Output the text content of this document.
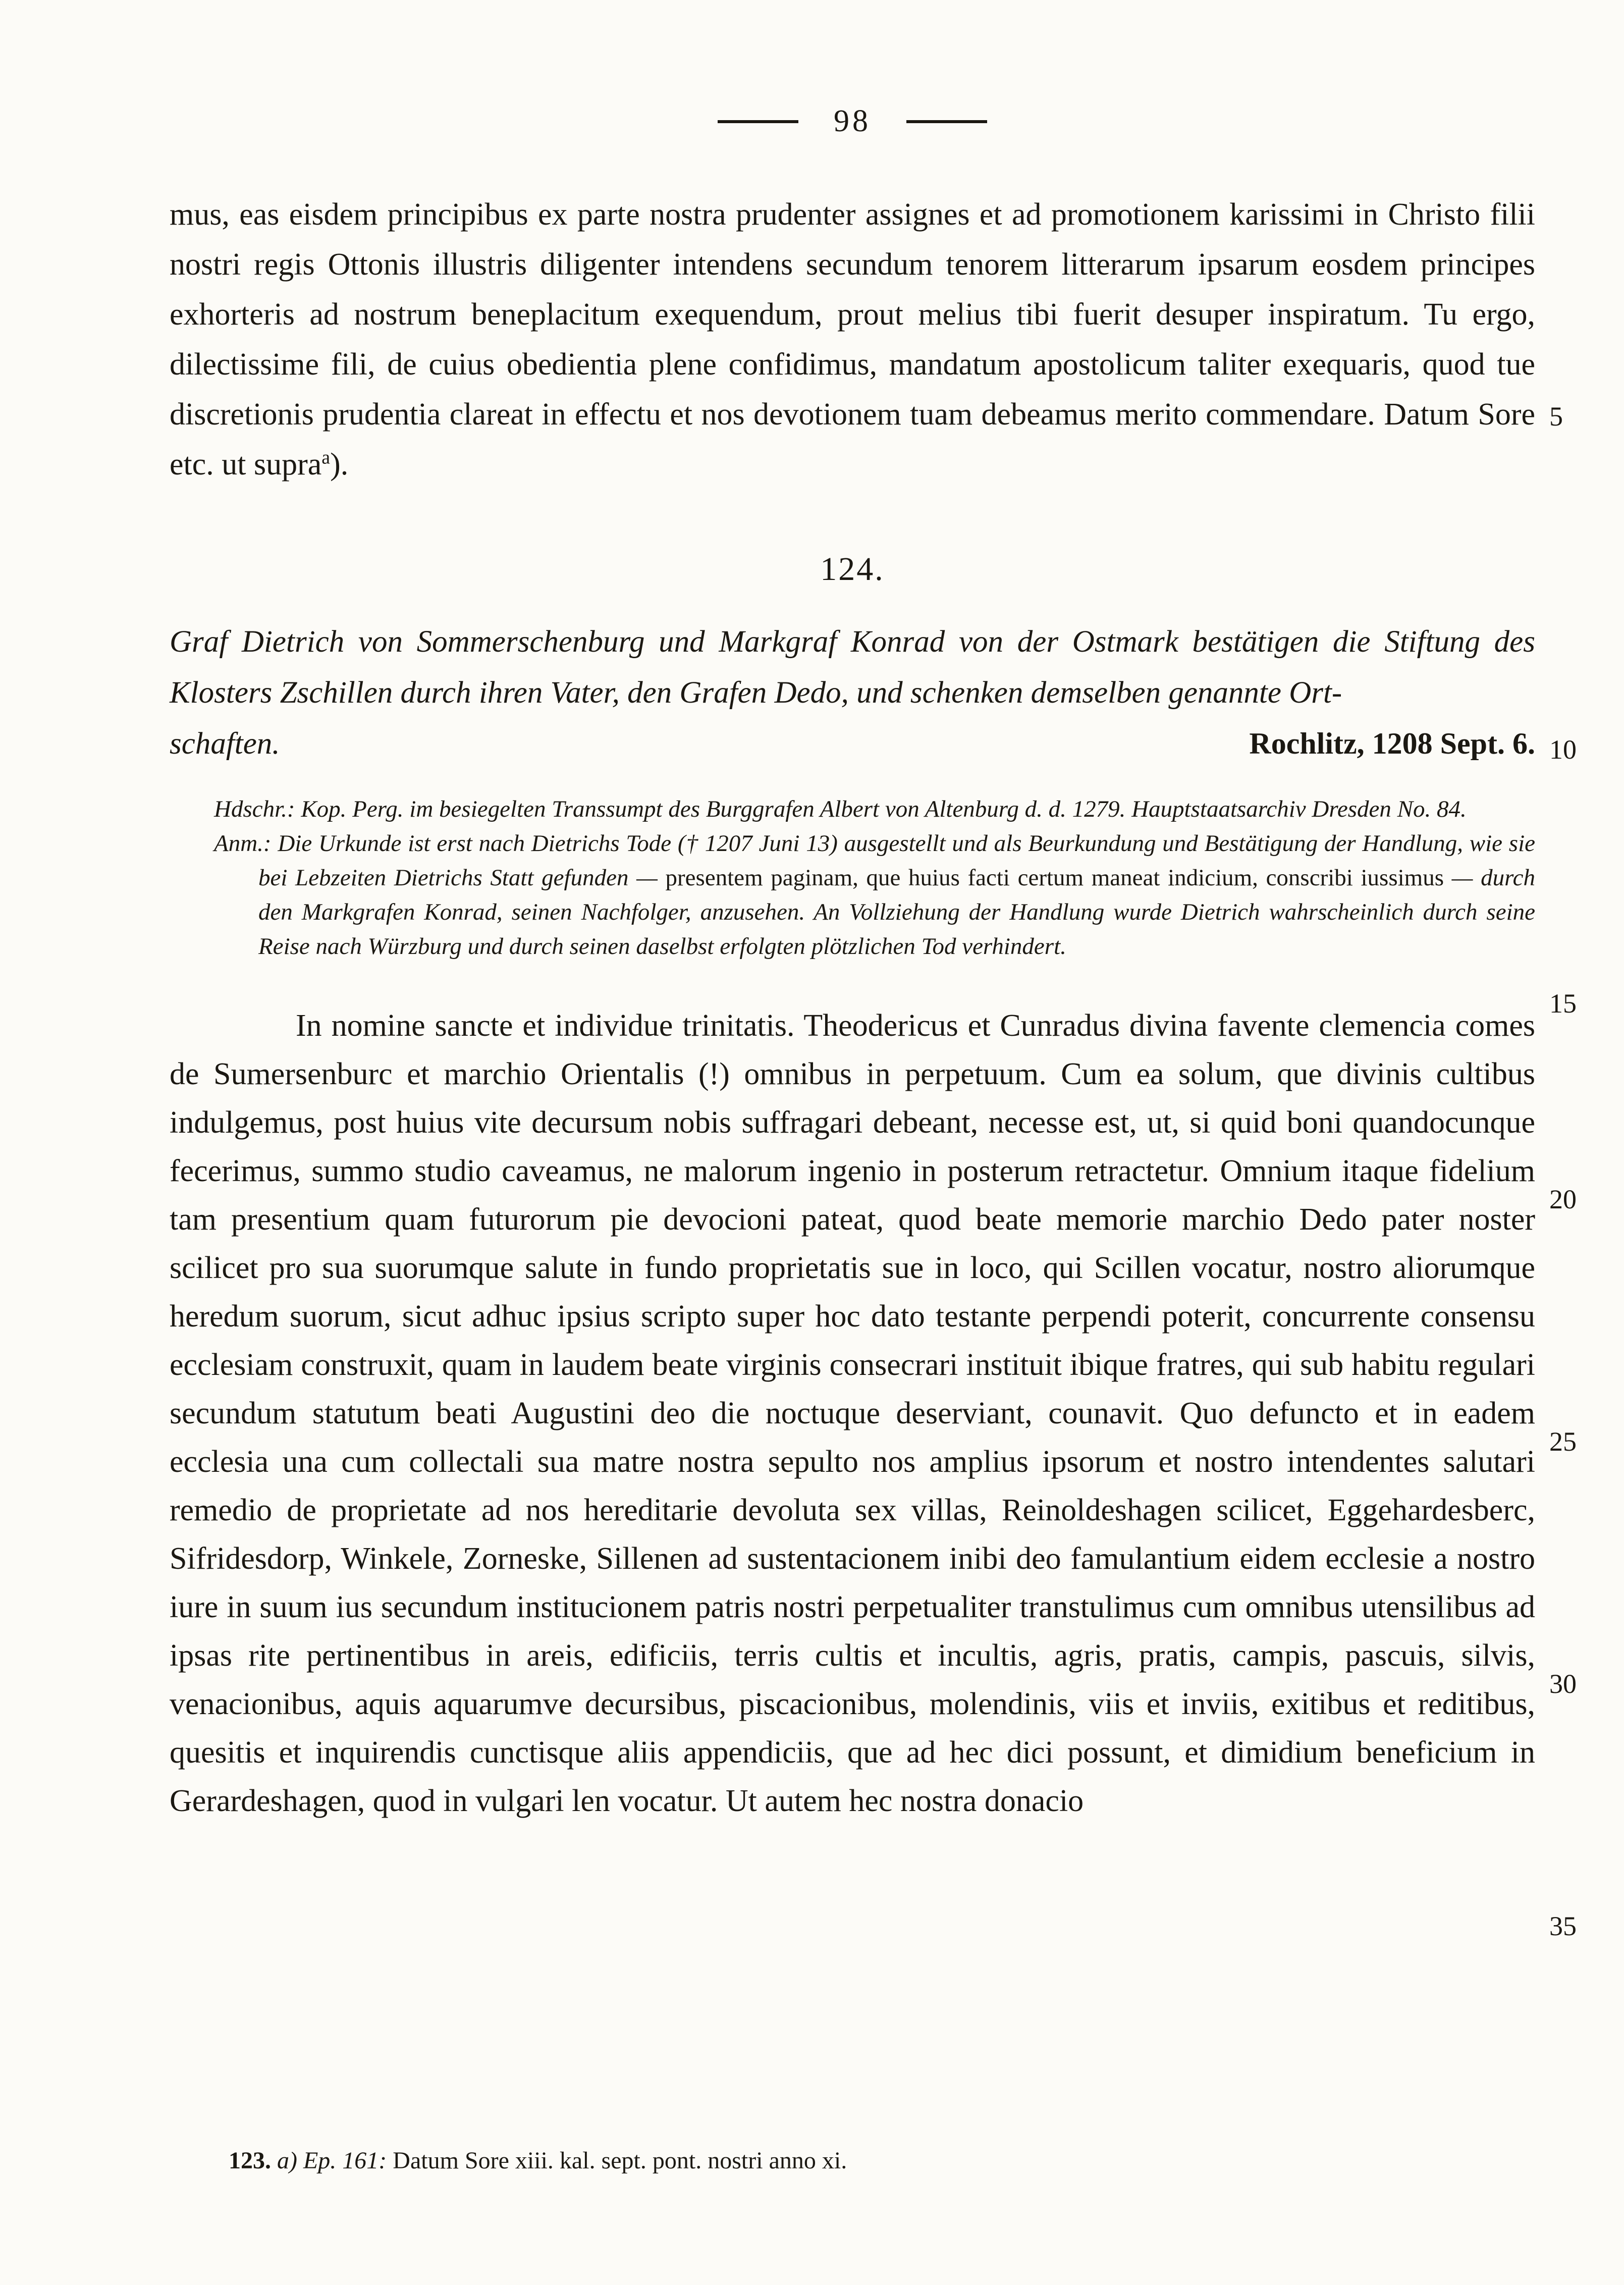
5
10
15
20
25
30
35
98

mus, eas eisdem principibus ex parte nostra prudenter assignes et ad promotionem karissimi in Christo filii nostri regis Ottonis illustris diligenter intendens secundum tenorem litterarum ipsarum eosdem principes exhorteris ad nostrum beneplacitum exequendum, prout melius tibi fuerit desuper inspiratum. Tu ergo, dilectissime fili, de cuius obedientia plene confidimus, mandatum apostolicum taliter exequaris, quod tue discretionis prudentia clareat in effectu et nos devotionem tuam debeamus merito commendare. Datum Sore etc. ut supra$^a$).

124.
Graf Dietrich von Sommerschenburg und Markgraf Konrad von der Ostmark bestätigen die Stiftung des Klosters Zschillen durch ihren Vater, den Grafen Dedo, und schenken demselben genannte Ort-
schaften.	Rochlitz, 1208 Sept. 6.

Hdschr.: Kop. Perg. im besiegelten Transsumpt des Burggrafen Albert von Altenburg d. d. 1279. Hauptstaatsarchiv Dresden No. 84.

Anm.: Die Urkunde ist erst nach Dietrichs Tode († 1207 Juni 13) ausgestellt und als Beurkundung und Bestätigung der Handlung, wie sie bei Lebzeiten Dietrichs Statt gefunden — presentem paginam, que huius facti certum maneat indicium, conscribi iussimus — durch den Markgrafen Konrad, seinen Nachfolger, anzusehen. An Vollziehung der Handlung wurde Dietrich wahrscheinlich durch seine Reise nach Würzburg und durch seinen daselbst erfolgten plötzlichen Tod verhindert.

In nomine sancte et individue trinitatis. Theodericus et Cunradus divina favente clemencia comes de Sumersenburc et marchio Orientalis (!) omnibus in perpetuum. Cum ea solum, que divinis cultibus indulgemus, post huius vite decursum nobis suffragari debeant, necesse est, ut, si quid boni quandocunque fecerimus, summo studio caveamus, ne malorum ingenio in posterum retractetur. Omnium itaque fidelium tam presentium quam futurorum pie devocioni pateat, quod beate memorie marchio Dedo pater noster scilicet pro sua suorumque salute in fundo proprietatis sue in loco, qui Scillen vocatur, nostro aliorumque heredum suorum, sicut adhuc ipsius scripto super hoc dato testante perpendi poterit, concurrente consensu ecclesiam construxit, quam in laudem beate virginis consecrari instituit ibique fratres, qui sub habitu regulari secundum statutum beati Augustini deo die noctuque deserviant, counavit. Quo defuncto et in eadem ecclesia una cum collectali sua matre nostra sepulto nos amplius ipsorum et nostro intendentes salutari remedio de proprietate ad nos hereditarie devoluta sex villas, Reinoldeshagen scilicet, Eggehardesberc, Sifridesdorp, Winkele, Zorneske, Sillenen ad sustentacionem inibi deo famulantium eidem ecclesie a nostro iure in suum ius secundum institucionem patris nostri perpetualiter transtulimus cum omnibus utensilibus ad ipsas rite pertinentibus in areis, edificiis, terris cultis et incultis, agris, pratis, campis, pascuis, silvis, venacionibus, aquis aquarumve decursibus, piscacionibus, molendinis, viis et inviis, exitibus et reditibus, quesitis et inquirendis cunctisque aliis appendiciis, que ad hec dici possunt, et dimidium beneficium in Gerardeshagen, quod in vulgari len vocatur. Ut autem hec nostra donacio

123. a) Ep. 161: Datum Sore xiii. kal. sept. pont. nostri anno xi.
